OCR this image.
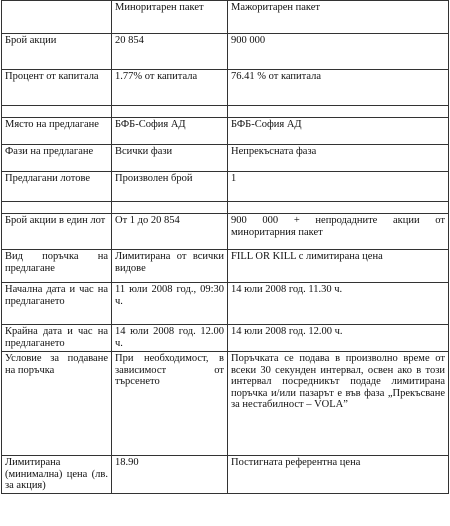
	Миноритарен пакет	Мажоритарен пакет
Брой акции	20 854	900 000
Процент от капитала	1.77% от капитала	76.41 % от капитала

Място на предлагане	БФБ-София АД	БФБ-София АД
Фази на предлагане	Всички фази	Непрекъсната фаза
Предлагани лотове	Произволен брой	1

Брой акции в един лот	От 1 до 20 854	900 000 + непродадните акции от миноритарния пакет
Вид поръчка на предлагане	Лимитирана от всички видове	FILL OR KILL с лимитирана цена
Начална дата и час на предлагането	11 юли 2008 год., 09:30 ч.	14 юли 2008 год. 11.30 ч.
Крайна дата и час на предлагането	14 юли 2008 год. 12.00 ч.	14 юли 2008 год. 12.00 ч.
Условие за подаване на поръчка	При необходимост, в зависимост от търсенето	Поръчката се подава в произволно време от всеки 30 секунден интервал, освен ако в този интервал посредникът подаде лимитирана поръчка и/или пазарът е във фаза „Прекъсване за нестабилност – VOLA”
Лимитирана (минимална) цена (лв. за акция)	18.90	Постигната референтна цена
